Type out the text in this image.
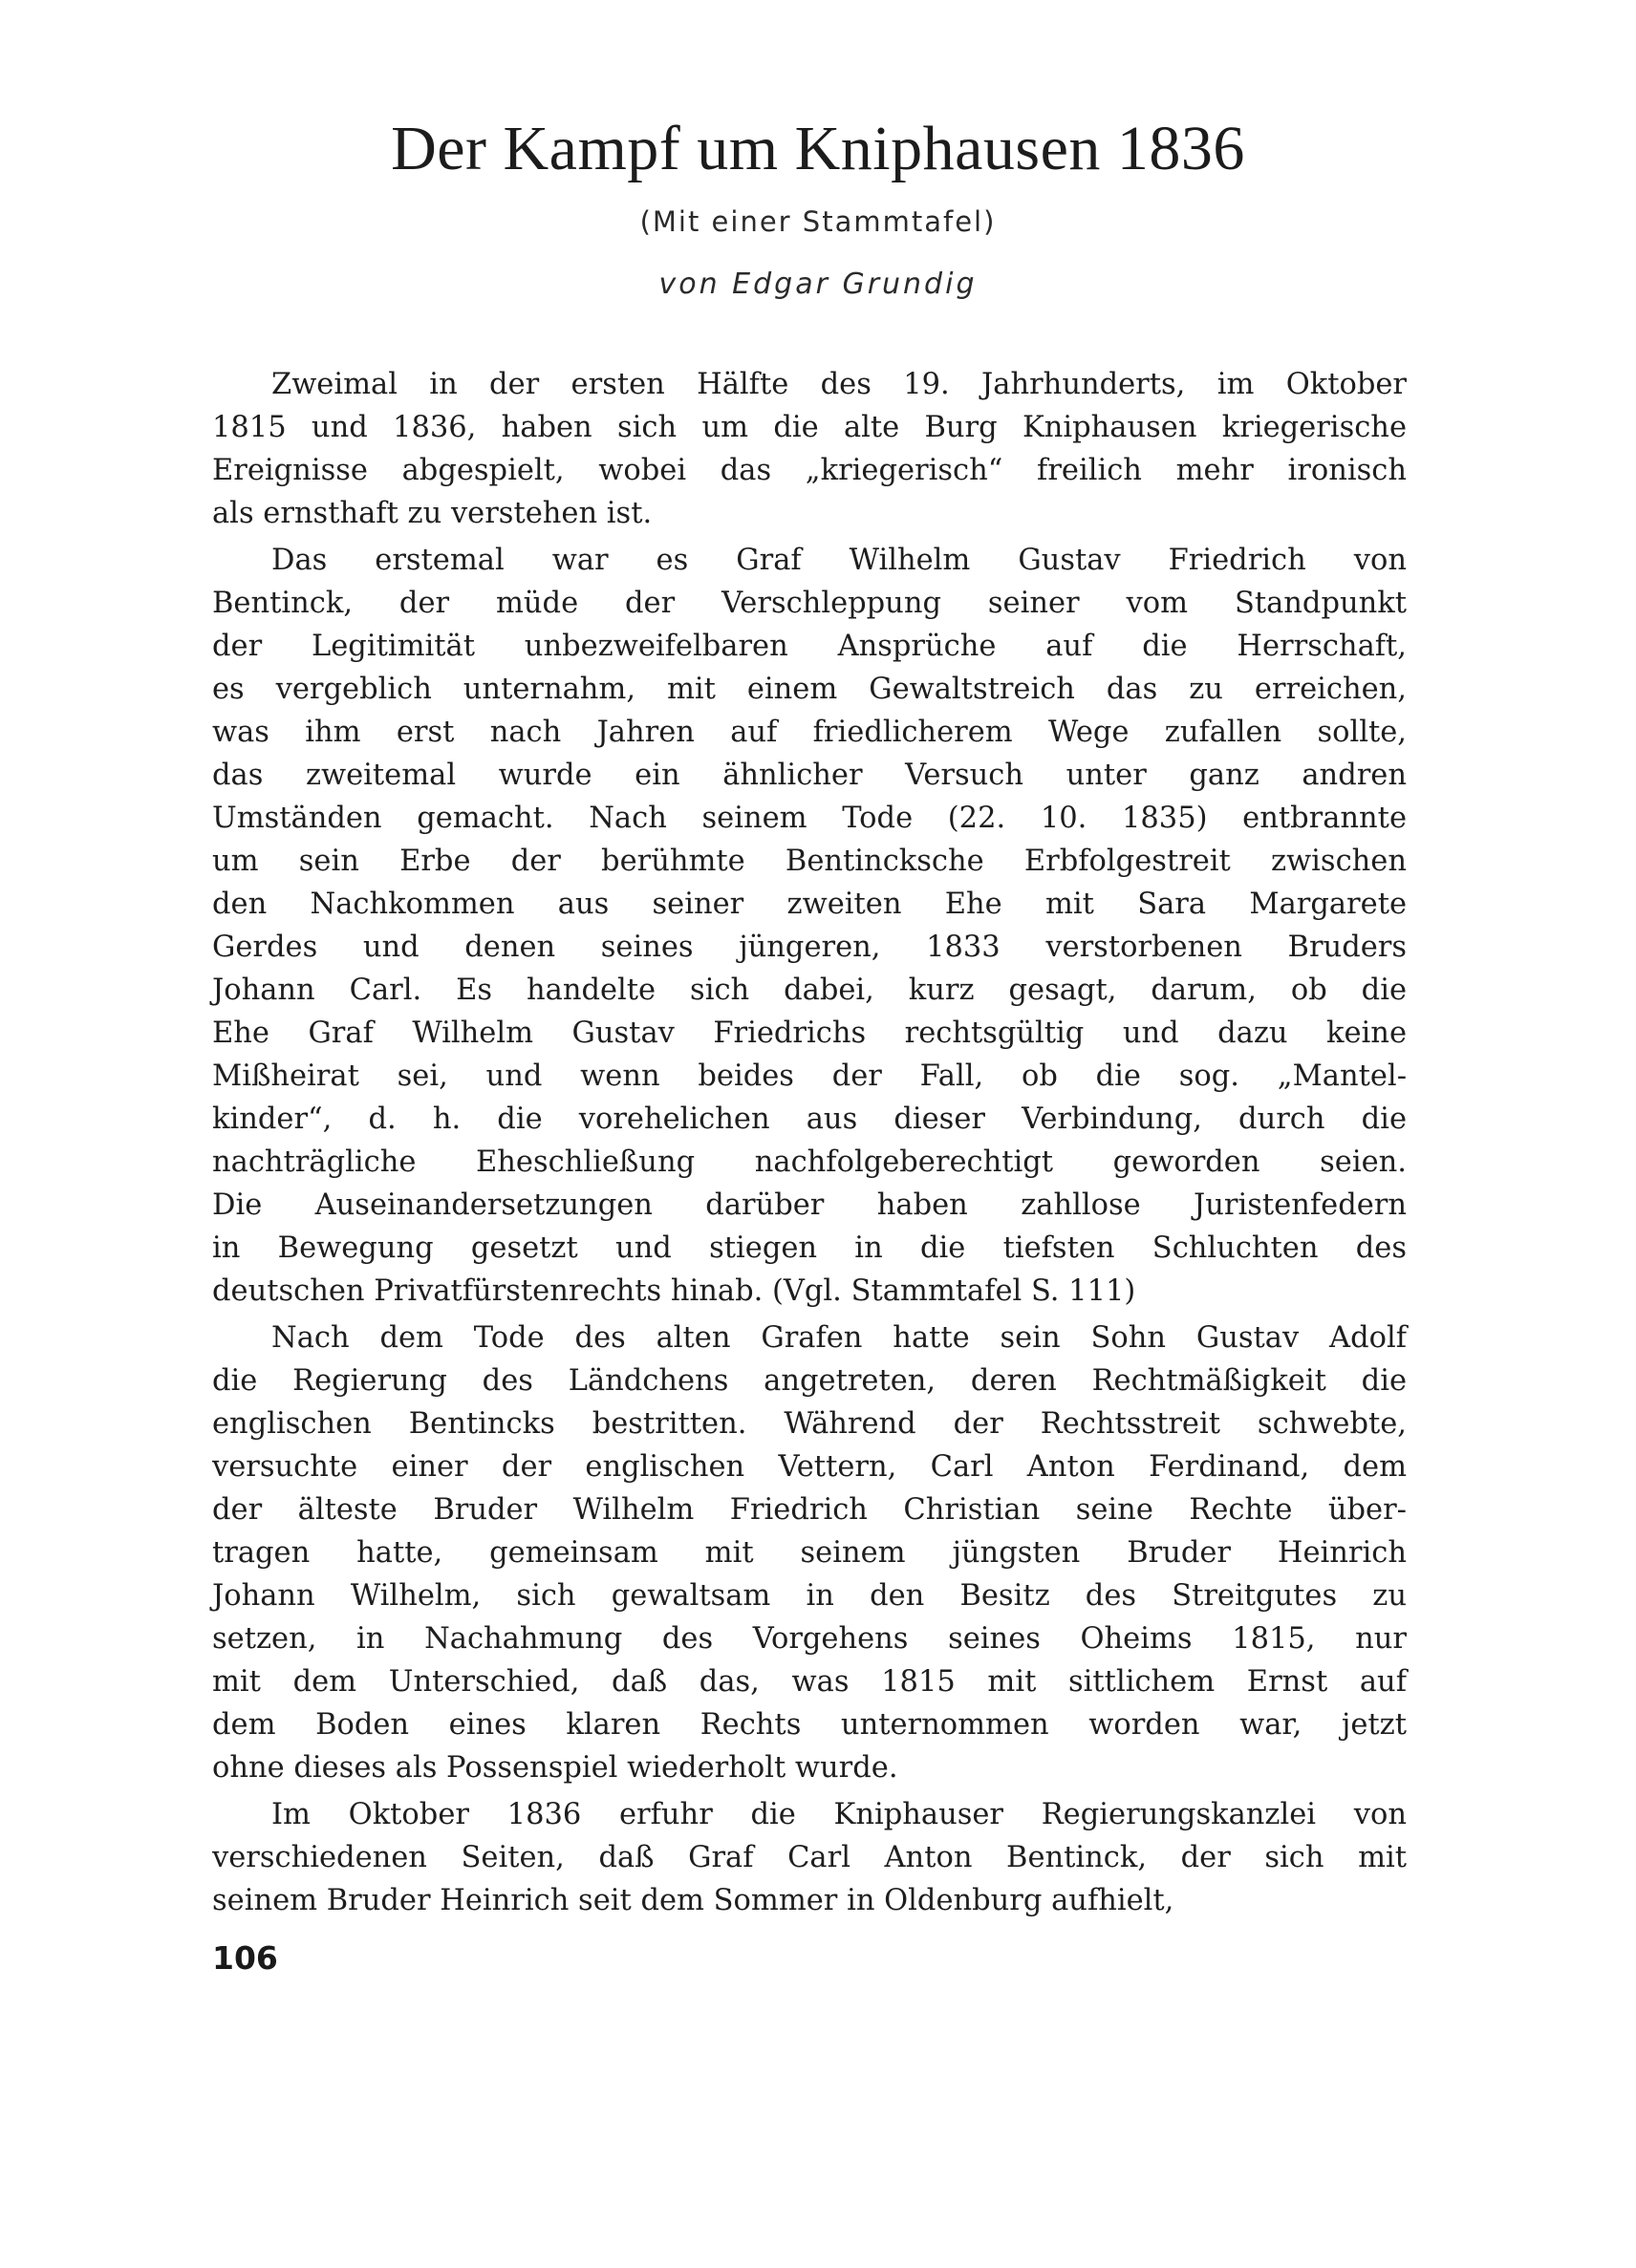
Der Kampf um Kniphausen 1836
(Mit einer Stammtafel)
von Edgar Grundig
Zweimal in der ersten Hälfte des 19. Jahrhunderts, im Oktober
1815 und 1836, haben sich um die alte Burg Kniphausen kriegerische
Ereignisse abgespielt, wobei das „kriegerisch“ freilich mehr ironisch
als ernsthaft zu verstehen ist.
Das erstemal war es Graf Wilhelm Gustav Friedrich von
Bentinck, der müde der Verschleppung seiner vom Standpunkt
der Legitimität unbezweifelbaren Ansprüche auf die Herrschaft,
es vergeblich unternahm, mit einem Gewaltstreich das zu erreichen,
was ihm erst nach Jahren auf friedlicherem Wege zufallen sollte,
das zweitemal wurde ein ähnlicher Versuch unter ganz andren
Umständen gemacht. Nach seinem Tode (22. 10. 1835) entbrannte
um sein Erbe der berühmte Bentincksche Erbfolgestreit zwischen
den Nachkommen aus seiner zweiten Ehe mit Sara Margarete
Gerdes und denen seines jüngeren, 1833 verstorbenen Bruders
Johann Carl. Es handelte sich dabei, kurz gesagt, darum, ob die
Ehe Graf Wilhelm Gustav Friedrichs rechtsgültig und dazu keine
Mißheirat sei, und wenn beides der Fall, ob die sog. „Mantel-
kinder“, d. h. die vorehelichen aus dieser Verbindung, durch die
nachträgliche Eheschließung nachfolgeberechtigt geworden seien.
Die Auseinandersetzungen darüber haben zahllose Juristenfedern
in Bewegung gesetzt und stiegen in die tiefsten Schluchten des
deutschen Privatfürstenrechts hinab. (Vgl. Stammtafel S. 111)
Nach dem Tode des alten Grafen hatte sein Sohn Gustav Adolf
die Regierung des Ländchens angetreten, deren Rechtmäßigkeit die
englischen Bentincks bestritten. Während der Rechtsstreit schwebte,
versuchte einer der englischen Vettern, Carl Anton Ferdinand, dem
der älteste Bruder Wilhelm Friedrich Christian seine Rechte über-
tragen hatte, gemeinsam mit seinem jüngsten Bruder Heinrich
Johann Wilhelm, sich gewaltsam in den Besitz des Streitgutes zu
setzen, in Nachahmung des Vorgehens seines Oheims 1815, nur
mit dem Unterschied, daß das, was 1815 mit sittlichem Ernst auf
dem Boden eines klaren Rechts unternommen worden war, jetzt
ohne dieses als Possenspiel wiederholt wurde.
Im Oktober 1836 erfuhr die Kniphauser Regierungskanzlei von
verschiedenen Seiten, daß Graf Carl Anton Bentinck, der sich mit
seinem Bruder Heinrich seit dem Sommer in Oldenburg aufhielt,
106
